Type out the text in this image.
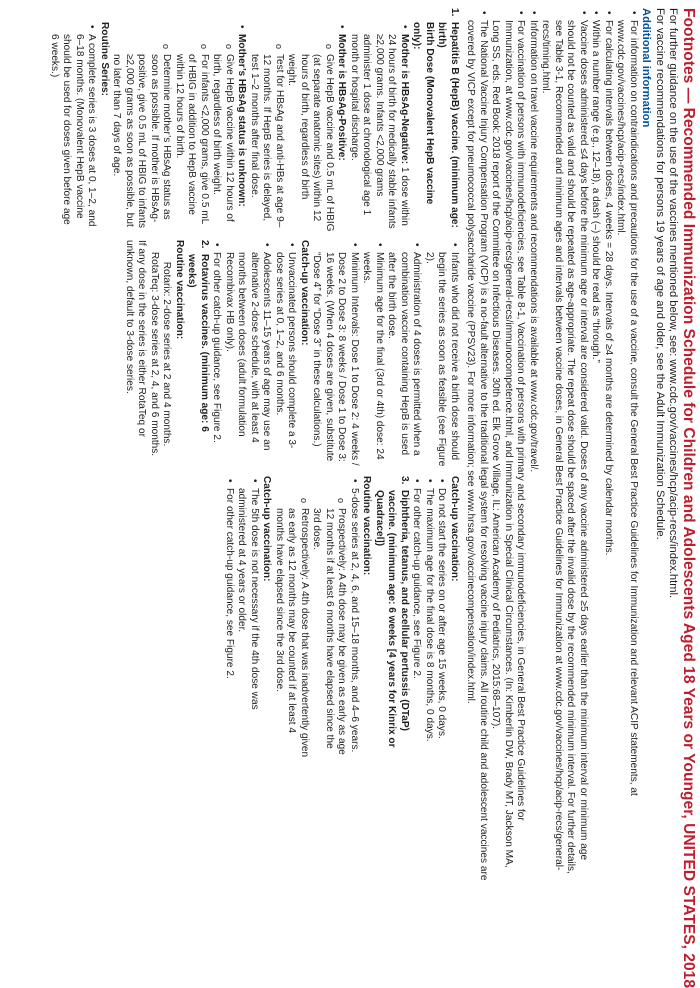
Footnotes — Recommended Immunization Schedule for Children and Adolescents Aged 18 Years or Younger, UNITED STATES, 2018

For further guidance on the use of the vaccines mentioned below, see: www.cdc.gov/vaccines/hcp/acip-recs/index.html.

For vaccine recommendations for persons 19 years of age and older, see the Adult Immunization Schedule.

Additional information
• For information on contraindications and precautions for the use of a vaccine, consult the General Best Practice Guidelines for Immunization and relevant ACIP statements, at www.cdc.gov/vaccines/hcp/acip-recs/index.html.
• For calculating intervals between doses, 4 weeks = 28 days. Intervals of ≥4 months are determined by calendar months.
• Within a number range (e.g., 12–18), a dash (–) should be read as “through.”
• Vaccine doses administered ≤4 days before the minimum age or interval are considered valid. Doses of any vaccine administered ≥5 days earlier than the minimum interval or minimum age should not be counted as valid and should be repeated as age-appropriate. The repeat dose should be spaced after the invalid dose by the recommended minimum interval. For further details, see Table 3-1, Recommended and minimum ages and intervals between vaccine doses, in General Best Practice Guidelines for Immunization at www.cdc.gov/vaccines/hcp/acip-recs/general-recs/timing.html.
• Information on travel vaccine requirements and recommendations is available at www.cdc.gov/travel/.
• For vaccination of persons with immunodeficiencies, see Table 8-1, Vaccination of persons with primary and secondary immunodeficiencies, in General Best Practice Guidelines for Immunization, at www.cdc.gov/vaccines/hcp/acip-recs/general-recs/immunocompetence.html, and Immunization in Special Clinical Circumstances. (In: Kimberlin DW, Brady MT, Jackson MA, Long SS, eds. Red Book: 2018 report of the Committee on Infectious Diseases. 30th ed. Elk Grove Village, IL: American Academy of Pediatrics, 2015:68–107).
• The National Vaccine Injury Compensation Program (VICP) is a no-fault alternative to the traditional legal system for resolving vaccine injury claims. All routine child and adolescent vaccines are covered by VICP except for pneumococcal polysaccharide vaccine (PPSV23). For more information; see www.hrsa.gov/vaccinecompensation/index.html.
1.
Hepatitis B (HepB) vaccine. (minimum age: birth)
Birth Dose (Monovalent HepB vaccine only):
• Mother is HBsAg-Negative: 1 dose within 24 hours of birth for medically stable infants ≥2,000 grams. Infants <2,000 grams administer 1 dose at chronological age 1 month or hospital discharge.
• Mother is HBsAg-Positive:
o Give HepB vaccine and 0.5 mL of HBIG (at separate anatomic sites) within 12 hours of birth, regardless of birth weight.
o Test for HBsAg and anti-HBs at age 9–12 months. If HepB series is delayed, test 1–2 months after final dose.
• Mother’s HBsAg status is unknown:
o Give HepB vaccine within 12 hours of birth, regardless of birth weight.
o For infants <2,000 grams, give 0.5 mL of HBIG in addition to HepB vaccine within 12 hours of birth.
o Determine mother’s HBsAg status as soon as possible. If mother is HBsAg-positive, give 0.5 mL of HBIG to infants ≥2,000 grams as soon as possible, but no later than 7 days of age.
Routine Series:
• A complete series is 3 doses at 0, 1–2, and 6–18 months. (Monovalent HepB vaccine should be used for doses given before age 6 weeks.)
• Infants who did not receive a birth dose should begin the series as soon as feasible (see Figure 2).
• Administration of 4 doses is permitted when a combination vaccine containing HepB is used after the birth dose.
• Minimum age for the final (3rd or 4th) dose: 24 weeks.
• Minimum Intervals: Dose 1 to Dose 2: 4 weeks / Dose 2 to Dose 3: 8 weeks / Dose 1 to Dose 3: 16 weeks. (When 4 doses are given, substitute “Dose 4” for “Dose 3” in these calculations.)
Catch-up vaccination:
• Unvaccinated persons should complete a 3-dose series at 0, 1–2, and 6 months.
• Adolescents 11–15 years of age may use an alternative 2-dose schedule, with at least 4 months between doses (adult formulation Recombivax HB only).
• For other catch-up guidance, see Figure 2.
2.
Rotavirus vaccines. (minimum age: 6 weeks)
Routine vaccination:
Rotarix: 2-dose series at 2 and 4 months.
RotaTeq: 3-dose series at 2, 4, and 6 months.
If any dose in the series is either RotaTeq or unknown, default to 3-dose series.
Catch-up vaccination:
• Do not start the series on or after age 15 weeks, 0 days.
• The maximum age for the final dose is 8 months, 0 days.
• For other catch-up guidance, see Figure 2.
3.
Diphtheria, tetanus, and acellular pertussis (DTaP) vaccine. (minimum age: 6 weeks [4 years for Kinrix or Quadracel])
Routine vaccination:
• 5-dose series at 2, 4, 6, and 15–18 months, and 4–6 years.
o Prospectively: A 4th dose may be given as early as age 12 months if at least 6 months have elapsed since the 3rd dose.
o Retrospectively: A 4th dose that was inadvertently given as early as 12 months may be counted if at least 4 months have elapsed since the 3rd dose.
Catch-up vaccination:
• The 5th dose is not necessary if the 4th dose was administered at 4 years or older.
• For other catch-up guidance, see Figure 2.
